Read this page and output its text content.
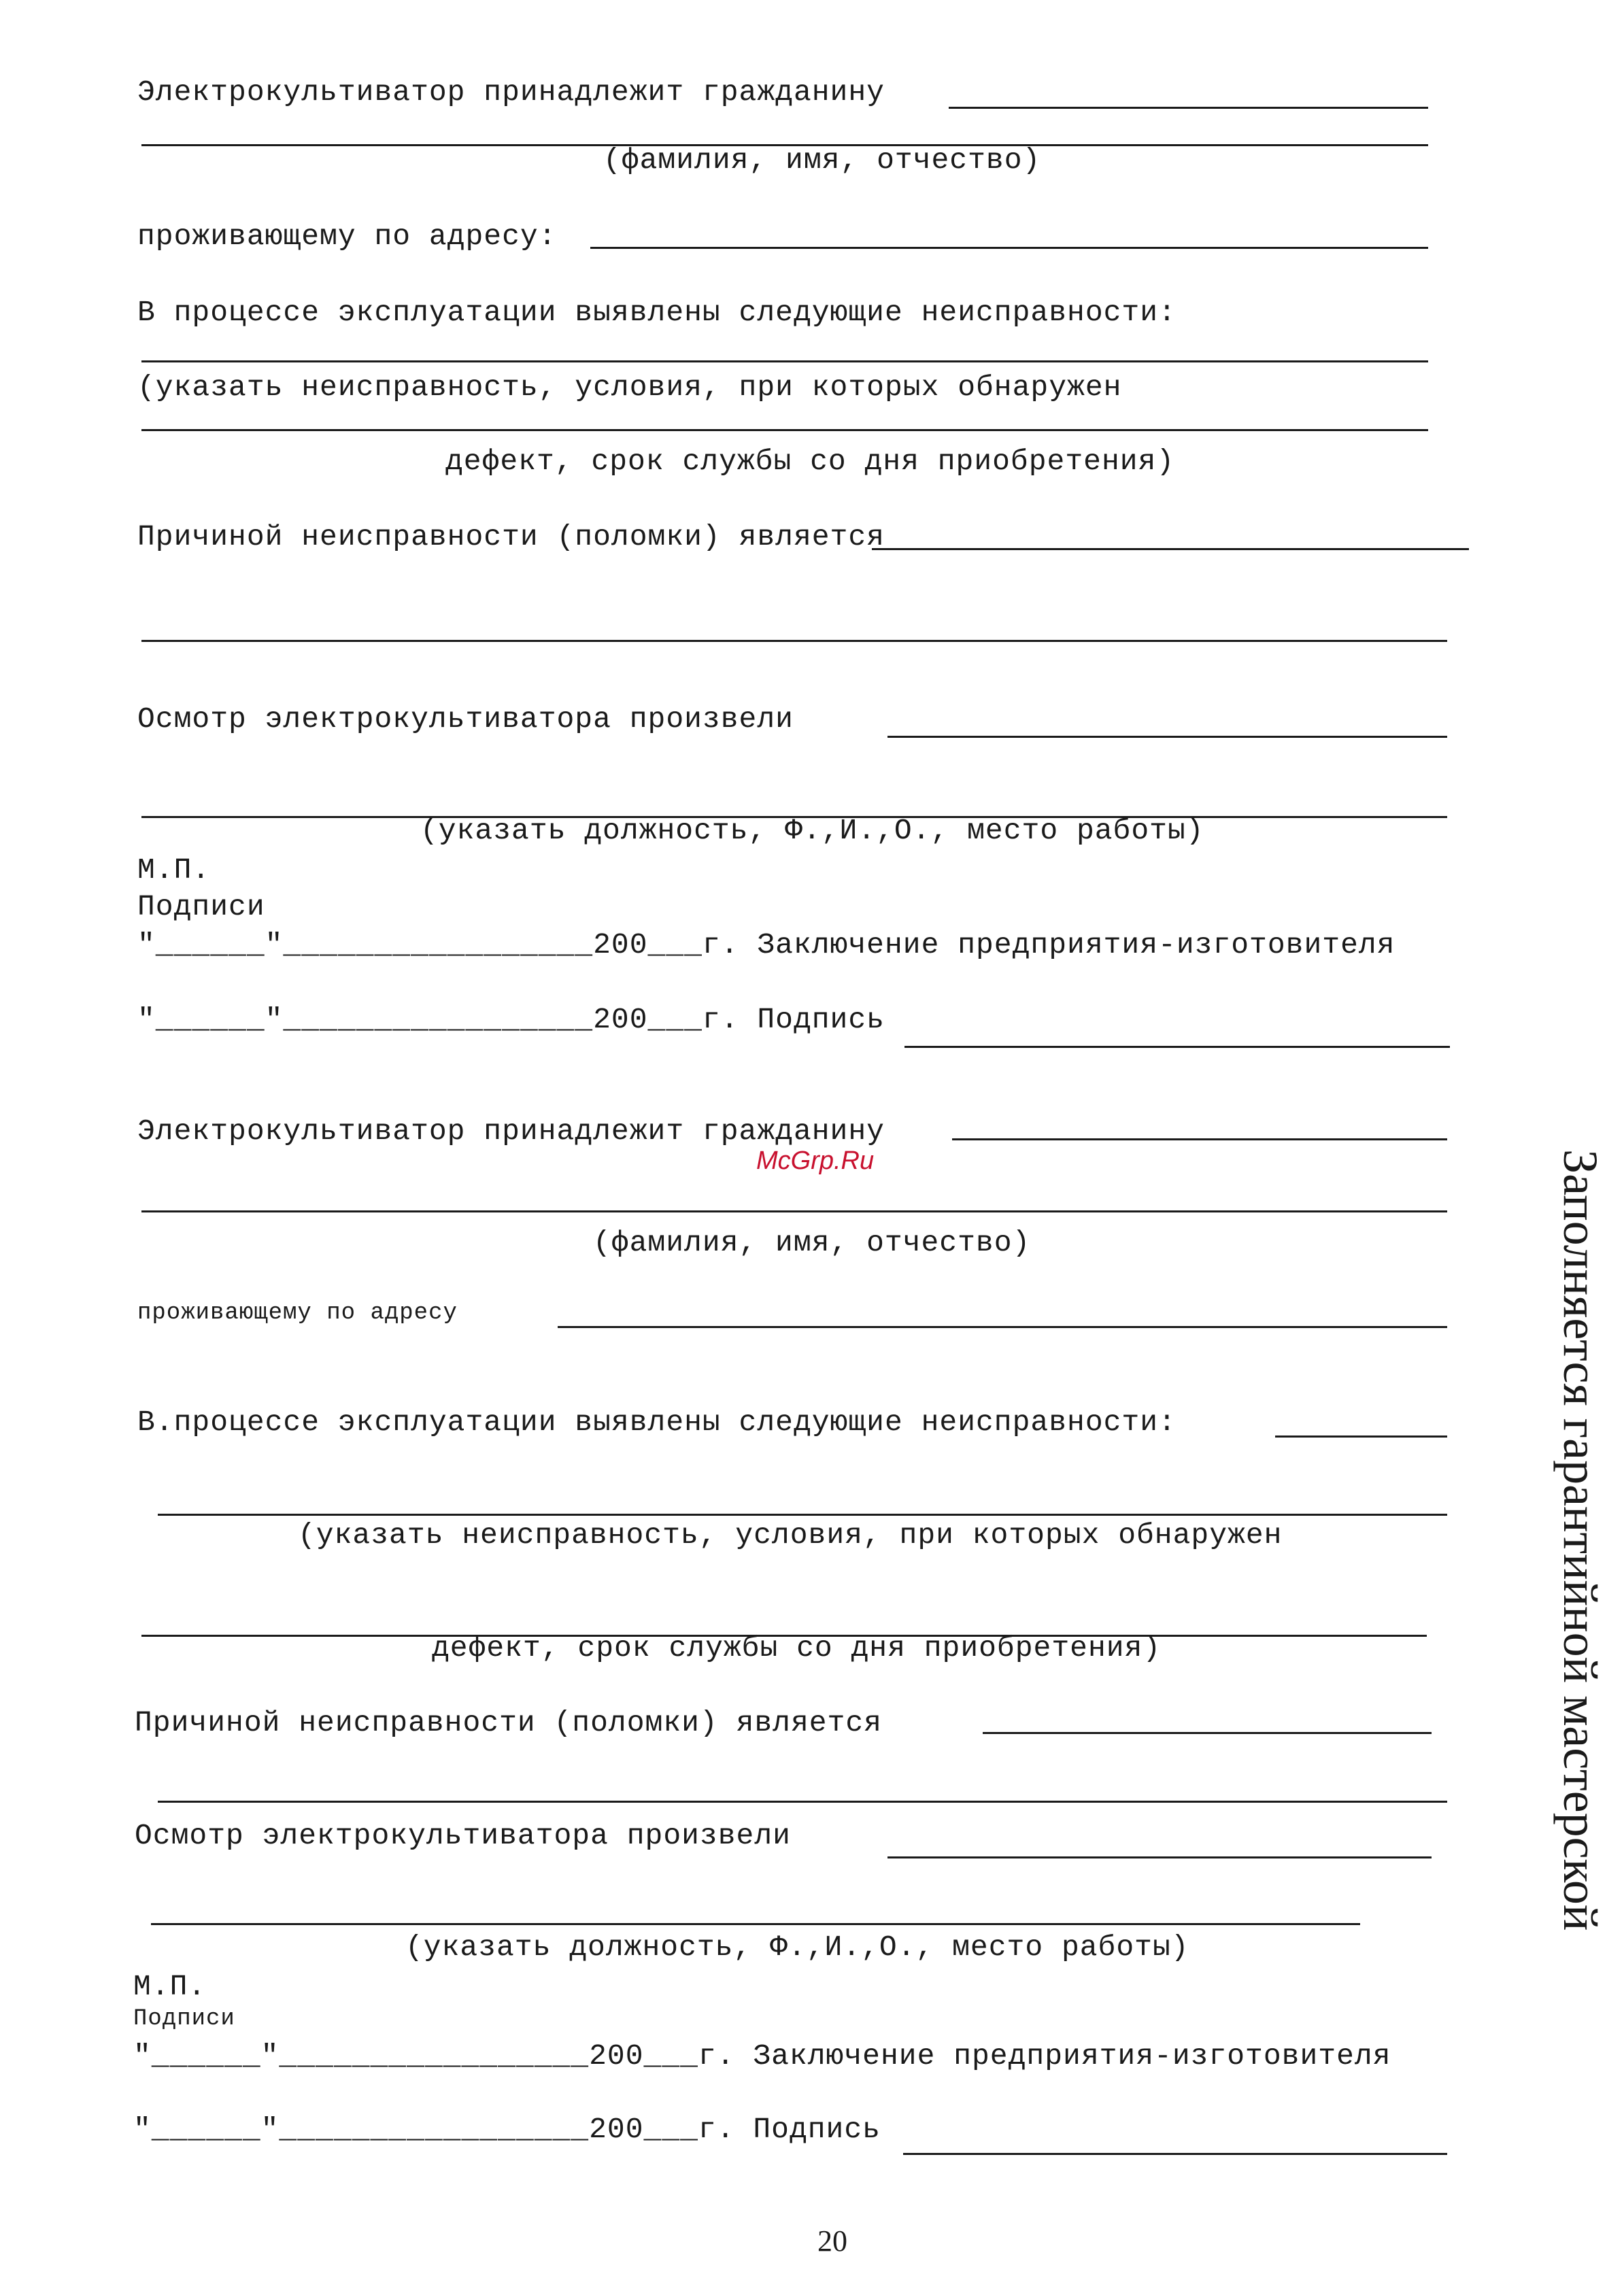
Электрокультиватор принадлежит гражданину
(фамилия, имя, отчество)
проживающему по адресу:
В процессе эксплуатации выявлены следующие неисправности:
(указать неисправность, условия, при которых обнаружен
дефект, срок службы со дня приобретения)
Причиной неисправности (поломки) является
Осмотр электрокультиватора произвели
(указать должность, Ф.,И.,О., место работы)
М.П.
Подписи
"______"_________________200___г. Заключение предприятия-изготовителя
"______"_________________200___г. Подпись
Электрокультиватор принадлежит гражданину
McGrp.Ru
(фамилия, имя, отчество)
проживающему по адресу
В.процессе эксплуатации выявлены следующие неисправности:
(указать неисправность, условия, при которых обнаружен
дефект, срок службы со дня приобретения)
Причиной неисправности (поломки) является
Осмотр электрокультиватора произвели
(указать должность, Ф.,И.,О., место работы)
М.П.
Подписи
"______"_________________200___г. Заключение предприятия-изготовителя
"______"_________________200___г. Подпись
Заполняется гарантийной мастерской
20
